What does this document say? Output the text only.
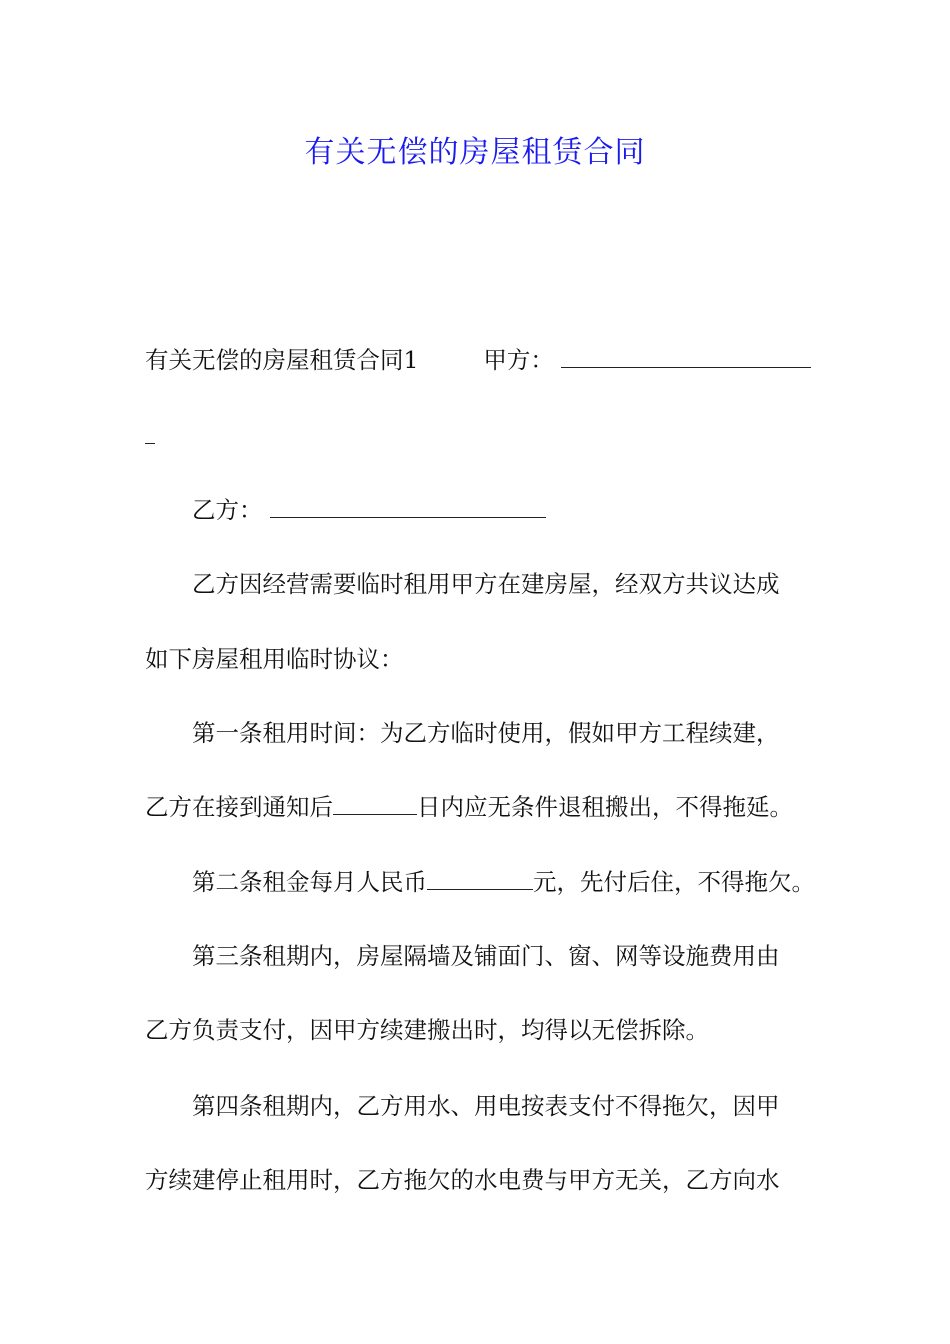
有关无偿的房屋租赁合同
有关无偿的房屋租赁合同1	甲方：
乙方：
乙方因经营需要临时租用甲方在建房屋，经双方共议达成
如下房屋租用临时协议：
第一条租用时间：为乙方临时使用，假如甲方工程续建，
乙方在接到通知后	日内应无条件退租搬出，不得拖延。
第二条租金每月人民币	元，先付后住，不得拖欠。
第三条租期内，房屋隔墙及铺面门、窗、网等设施费用由
乙方负责支付，因甲方续建搬出时，均得以无偿拆除。
第四条租期内，乙方用水、用电按表支付不得拖欠，因甲
方续建停止租用时，乙方拖欠的水电费与甲方无关，乙方向水
